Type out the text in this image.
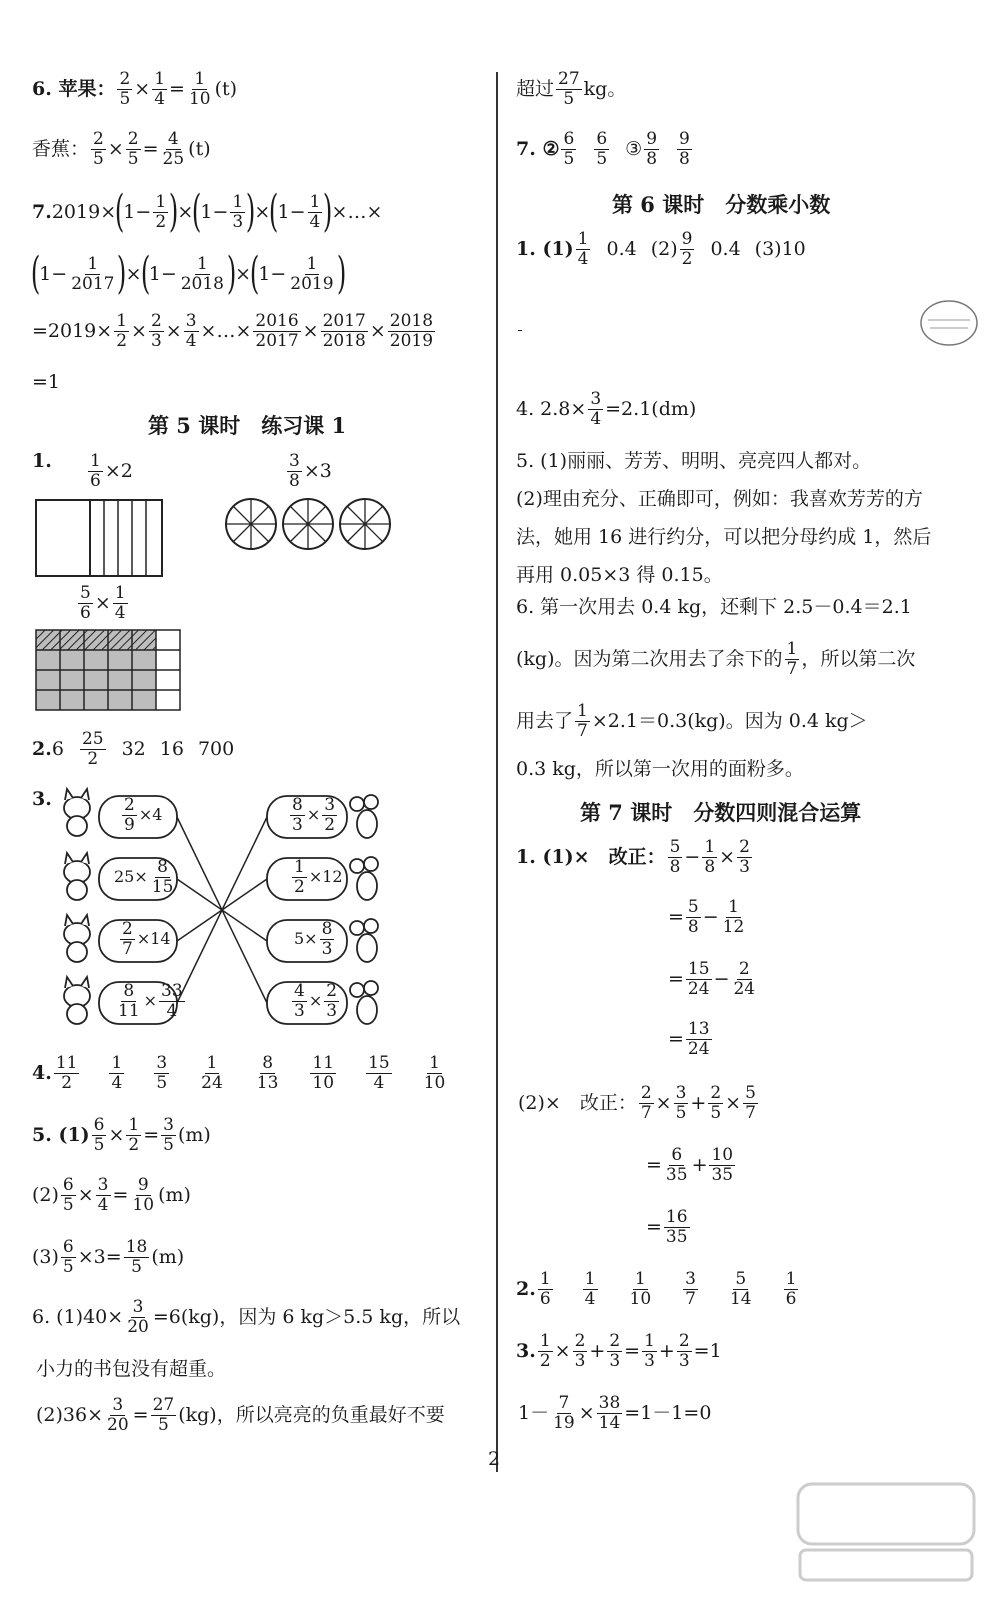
6. 苹果： $\frac{2}{5} \times \frac{1}{4} = \frac{1}{10} (t)$
香蕉： $\frac{2}{5} \times \frac{2}{5} = \frac{4}{25} (t)$
7. 2019 ×
(
$1 - \frac{1}{2}$ )
×
(
$1 - \frac{1}{3}$ )
×
(
$1 - \frac{1}{4}$ )
× … ×
(
$1 - \frac{1}{2017}$ )
×
(
$1 - \frac{1}{2018}$ )
×
(
$1 - \frac{1}{2019}$ )
= $2019 \times \frac{1}{2} \times \frac{2}{3} \times \frac{3}{4}$ × … × $\frac{2016}{2017} \times \frac{2017}{2018} \times \frac{2018}{2019}$
=1
第 5 课时　练习课 1
1. $\frac{1}{6} \times 2$	$\frac{3}{8} \times 3$
$\frac{5}{6} \times \frac{1}{4}$
2. $6 \frac{25}{2} 32$ 16 700
3.	$\frac{2}{9} \times 4$
$25\times \frac{8}{15}$
$\frac{2}{7} \times 14$
$\frac{8}{11} \times \frac{33}{4}$
$\frac{8}{3} \times \frac{3}{2}$
$\frac{1}{2} \times 12$
$5\times \frac{8}{3}$
$\frac{4}{3} \times \frac{2}{3}$
4. $\frac{11}{2} \frac{1}{4} \frac{3}{5} \frac{1}{24} \frac{8}{13} \frac{11}{10} \frac{15}{4} \frac{1}{10}$
5. $(1) \frac{6}{5} \times \frac{1}{2} = \frac{3}{5} (m)$
$(2) \frac{6}{5} \times \frac{3}{4} = \frac{9}{10} (m)$
$(3) \frac{6}{5} \times 3 = \frac{18}{5} (m)$
6. $(1)40\times \frac{3}{20} =6(kg)$，因为 6 kg＞5.5 kg，所以
小力的书包没有超重。
$(2)36\times \frac{3}{20} = \frac{27}{5} (kg)$，所以亮亮的负重最好不要
超过 $\frac{27}{5}$ kg。
7. ② $\frac{6}{5} \frac{6}{5}$ ③ $\frac{9}{8} \frac{9}{8}$
第 6 课时　分数乘小数
1. $(1) \frac{1}{4} 0.4$ $(2) \frac{9}{2} 0.4$ (3)10
4. $2.8\times \frac{3}{4} =2.1(dm)$
5. (1)丽丽、芳芳、明明、亮亮四人都对。
(2)理由充分、正确即可，例如：我喜欢芳芳的方
法，她用 16 进行约分，可以把分母约成 1，然后
再用 0.05×3 得 0.15。
6. 第一次用去 0.4 kg，还剩下 2.5－0.4＝2.1
(kg)。因为第二次用去了余下的 $\frac{1}{7}$ ，所以第二次
用去了 $\frac{1}{7} \times 2.1=0.3(kg)$。因为 0.4 kg＞
0.3 kg，所以第一次用的面粉多。
第 7 课时　分数四则混合运算
1. (1)×　改正： $\frac{5}{8} - \frac{1}{8} \times \frac{2}{3}$
= $\frac{5}{8} - \frac{1}{12}$
= $\frac{15}{24} - \frac{2}{24}$
= $\frac{13}{24}$
(2)×　改正： $\frac{2}{7} \times \frac{3}{5} + \frac{2}{5} \times \frac{5}{7}$
= $\frac{6}{35} + \frac{10}{35}$
= $\frac{16}{35}$
2. $\frac{1}{6} \frac{1}{4} \frac{1}{10} \frac{3}{7} \frac{5}{14} \frac{1}{6}$
3. $\frac{1}{2} \times \frac{2}{3} + \frac{2}{3} = \frac{1}{3} + \frac{2}{3} =1$
$1- \frac{7}{19} \times \frac{38}{14} =1-1=0$
2
